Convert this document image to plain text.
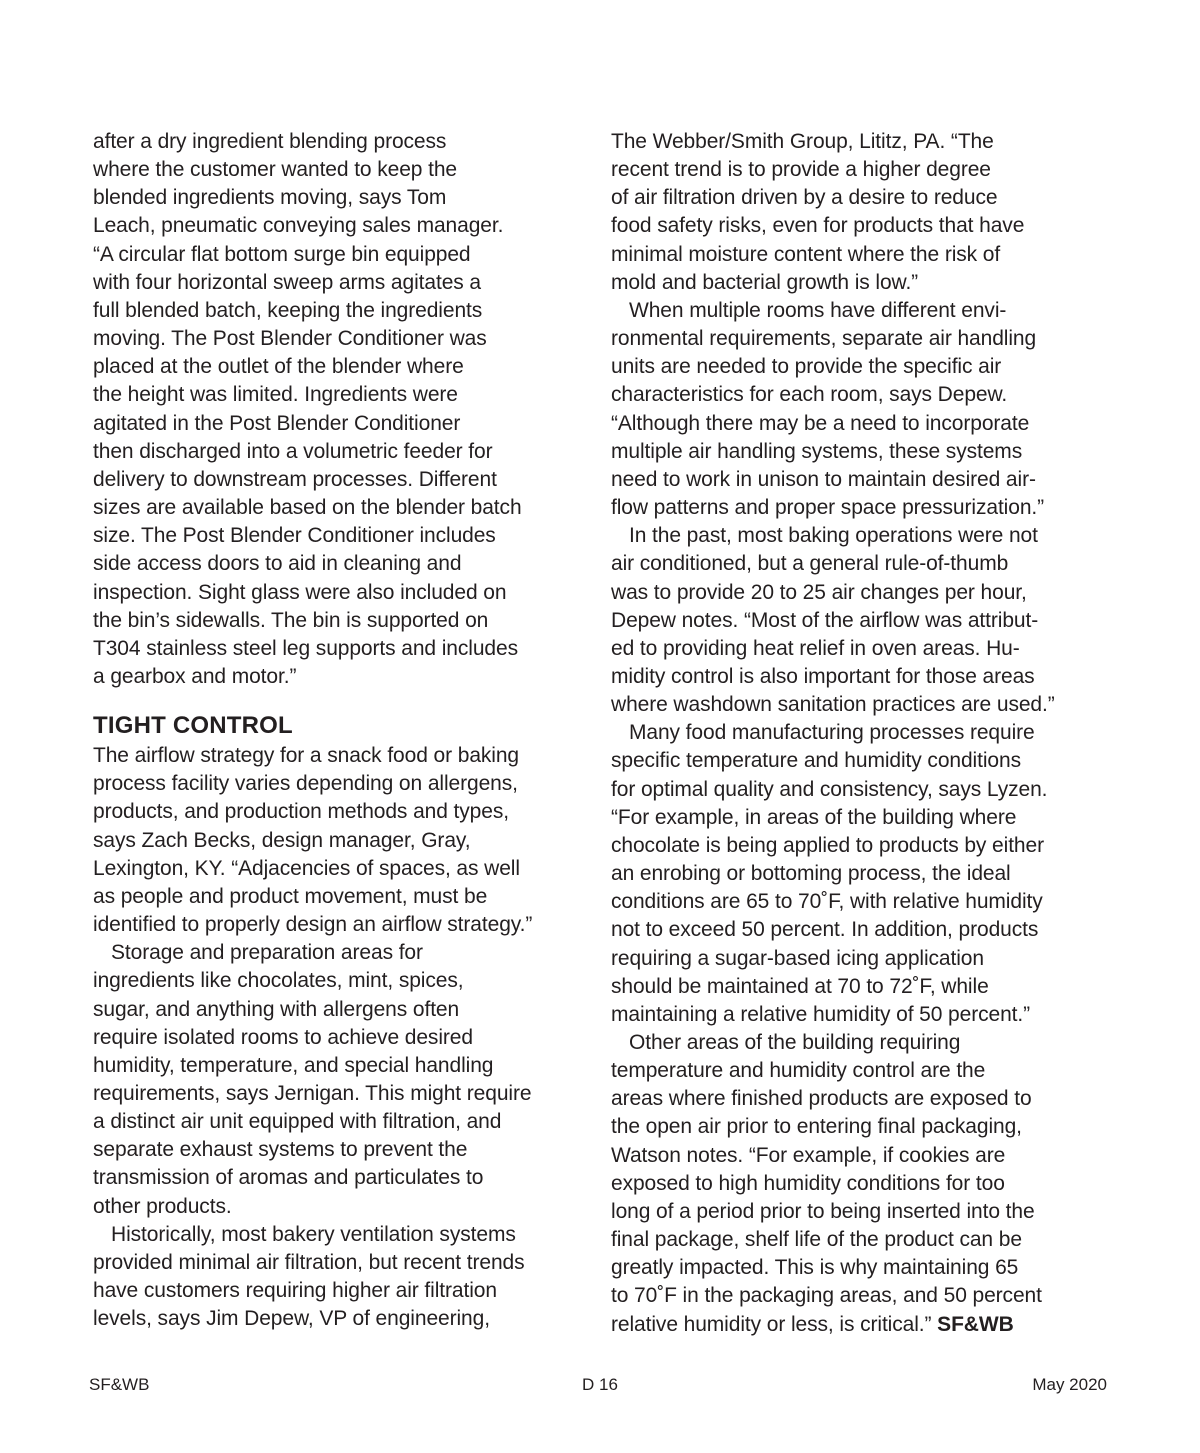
after a dry ingredient blending process
where the customer wanted to keep the
blended ingredients moving, says Tom
Leach, pneumatic conveying sales manager.
“A circular flat bottom surge bin equipped
with four horizontal sweep arms agitates a
full blended batch, keeping the ingredients
moving. The Post Blender Conditioner was
placed at the outlet of the blender where
the height was limited. Ingredients were
agitated in the Post Blender Conditioner
then discharged into a volumetric feeder for
delivery to downstream processes. Different
sizes are available based on the blender batch
size. The Post Blender Conditioner includes
side access doors to aid in cleaning and
inspection. Sight glass were also included on
the bin’s sidewalls. The bin is supported on
T304 stainless steel leg supports and includes
a gearbox and motor.”
TIGHT CONTROL
The airflow strategy for a snack food or baking
process facility varies depending on allergens,
products, and production methods and types,
says Zach Becks, design manager, Gray,
Lexington, KY. “Adjacencies of spaces, as well
as people and product movement, must be
identified to properly design an airflow strategy.”
Storage and preparation areas for
ingredients like chocolates, mint, spices,
sugar, and anything with allergens often
require isolated rooms to achieve desired
humidity, temperature, and special handling
requirements, says Jernigan. This might require
a distinct air unit equipped with filtration, and
separate exhaust systems to prevent the
transmission of aromas and particulates to
other products.
Historically, most bakery ventilation systems
provided minimal air filtration, but recent trends
have customers requiring higher air filtration
levels, says Jim Depew, VP of engineering,
The Webber/Smith Group, Lititz, PA. “The
recent trend is to provide a higher degree
of air filtration driven by a desire to reduce
food safety risks, even for products that have
minimal moisture content where the risk of
mold and bacterial growth is low.”
When multiple rooms have different envi-
ronmental requirements, separate air handling
units are needed to provide the specific air
characteristics for each room, says Depew.
“Although there may be a need to incorporate
multiple air handling systems, these systems
need to work in unison to maintain desired air-
flow patterns and proper space pressurization.”
In the past, most baking operations were not
air conditioned, but a general rule-of-thumb
was to provide 20 to 25 air changes per hour,
Depew notes. “Most of the airflow was attribut-
ed to providing heat relief in oven areas. Hu-
midity control is also important for those areas
where washdown sanitation practices are used.”
Many food manufacturing processes require
specific temperature and humidity conditions
for optimal quality and consistency, says Lyzen.
“For example, in areas of the building where
chocolate is being applied to products by either
an enrobing or bottoming process, the ideal
conditions are 65 to 70˚F, with relative humidity
not to exceed 50 percent. In addition, products
requiring a sugar-based icing application
should be maintained at 70 to 72˚F, while
maintaining a relative humidity of 50 percent.”
Other areas of the building requiring
temperature and humidity control are the
areas where finished products are exposed to
the open air prior to entering final packaging,
Watson notes. “For example, if cookies are
exposed to high humidity conditions for too
long of a period prior to being inserted into the
final package, shelf life of the product can be
greatly impacted. This is why maintaining 65
to 70˚F in the packaging areas, and 50 percent
relative humidity or less, is critical.” SF&WB
SF&WB	D 16	May 2020
